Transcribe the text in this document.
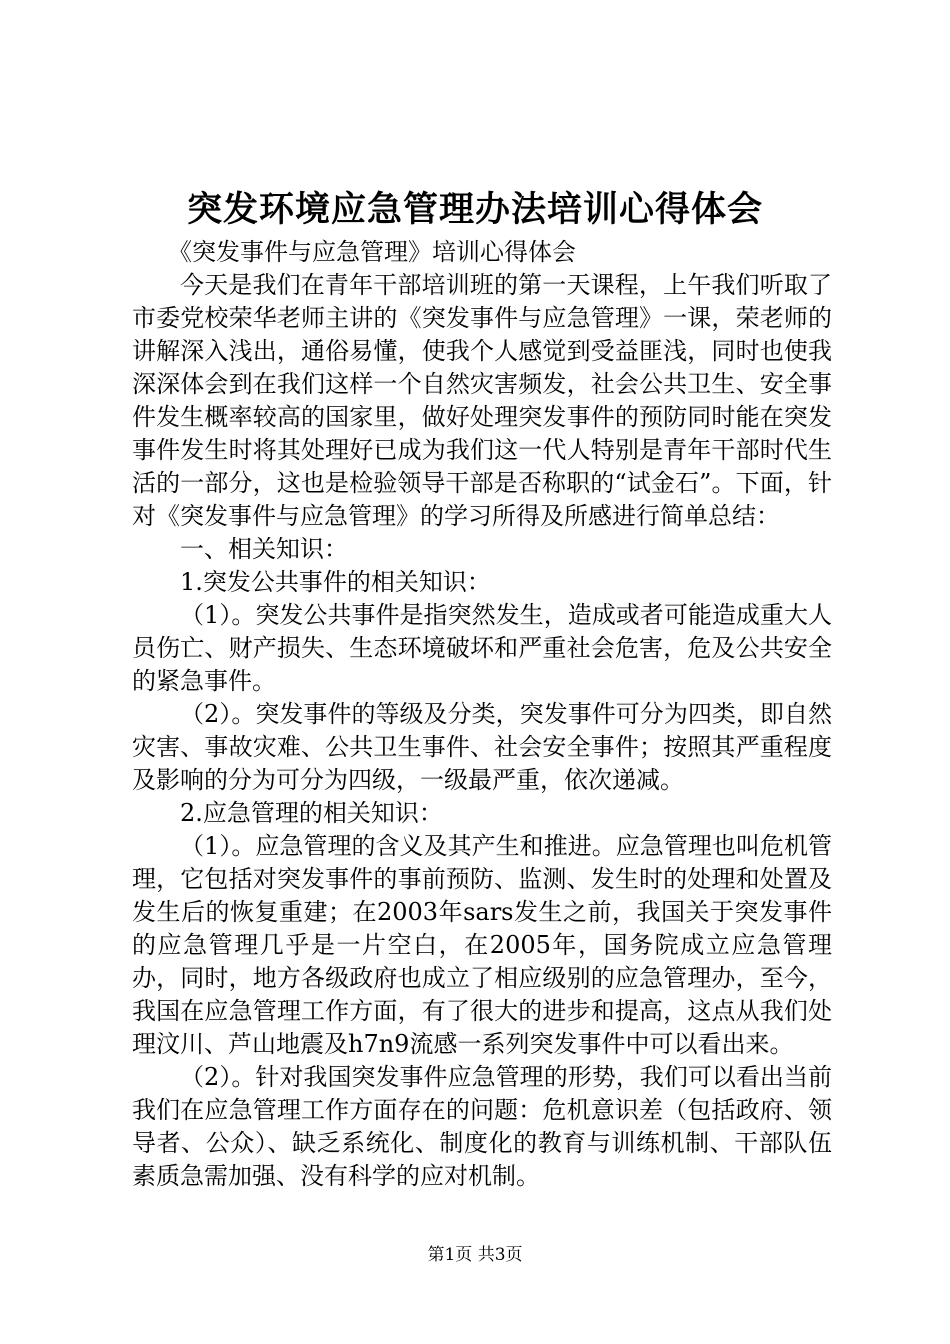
突发环境应急管理办法培训心得体会

《突发事件与应急管理》培训心得体会

今天是我们在青年干部培训班的第一天课程，上午我们听取了市委党校荣华老师主讲的《突发事件与应急管理》一课，荣老师的讲解深入浅出，通俗易懂，使我个人感觉到受益匪浅，同时也使我深深体会到在我们这样一个自然灾害频发，社会公共卫生、安全事件发生概率较高的国家里，做好处理突发事件的预防同时能在突发事件发生时将其处理好已成为我们这一代人特别是青年干部时代生活的一部分，这也是检验领导干部是否称职的“试金石”。下面，针对《突发事件与应急管理》的学习所得及所感进行简单总结：

一、相关知识：

1.突发公共事件的相关知识：

（1）。突发公共事件是指突然发生，造成或者可能造成重大人员伤亡、财产损失、生态环境破坏和严重社会危害，危及公共安全的紧急事件。

（2）。突发事件的等级及分类，突发事件可分为四类，即自然灾害、事故灾难、公共卫生事件、社会安全事件；按照其严重程度及影响的分为可分为四级，一级最严重，依次递减。

2.应急管理的相关知识：

（1）。应急管理的含义及其产生和推进。应急管理也叫危机管理，它包括对突发事件的事前预防、监测、发生时的处理和处置及发生后的恢复重建；在2003年sars发生之前，我国关于突发事件的应急管理几乎是一片空白，在2005年，国务院成立应急管理办，同时，地方各级政府也成立了相应级别的应急管理办，至今，我国在应急管理工作方面，有了很大的进步和提高，这点从我们处理汶川、芦山地震及h7n9流感一系列突发事件中可以看出来。

（2）。针对我国突发事件应急管理的形势，我们可以看出当前我们在应急管理工作方面存在的问题：危机意识差（包括政府、领导者、公众）、缺乏系统化、制度化的教育与训练机制、干部队伍素质急需加强、没有科学的应对机制。

第1页 共3页
